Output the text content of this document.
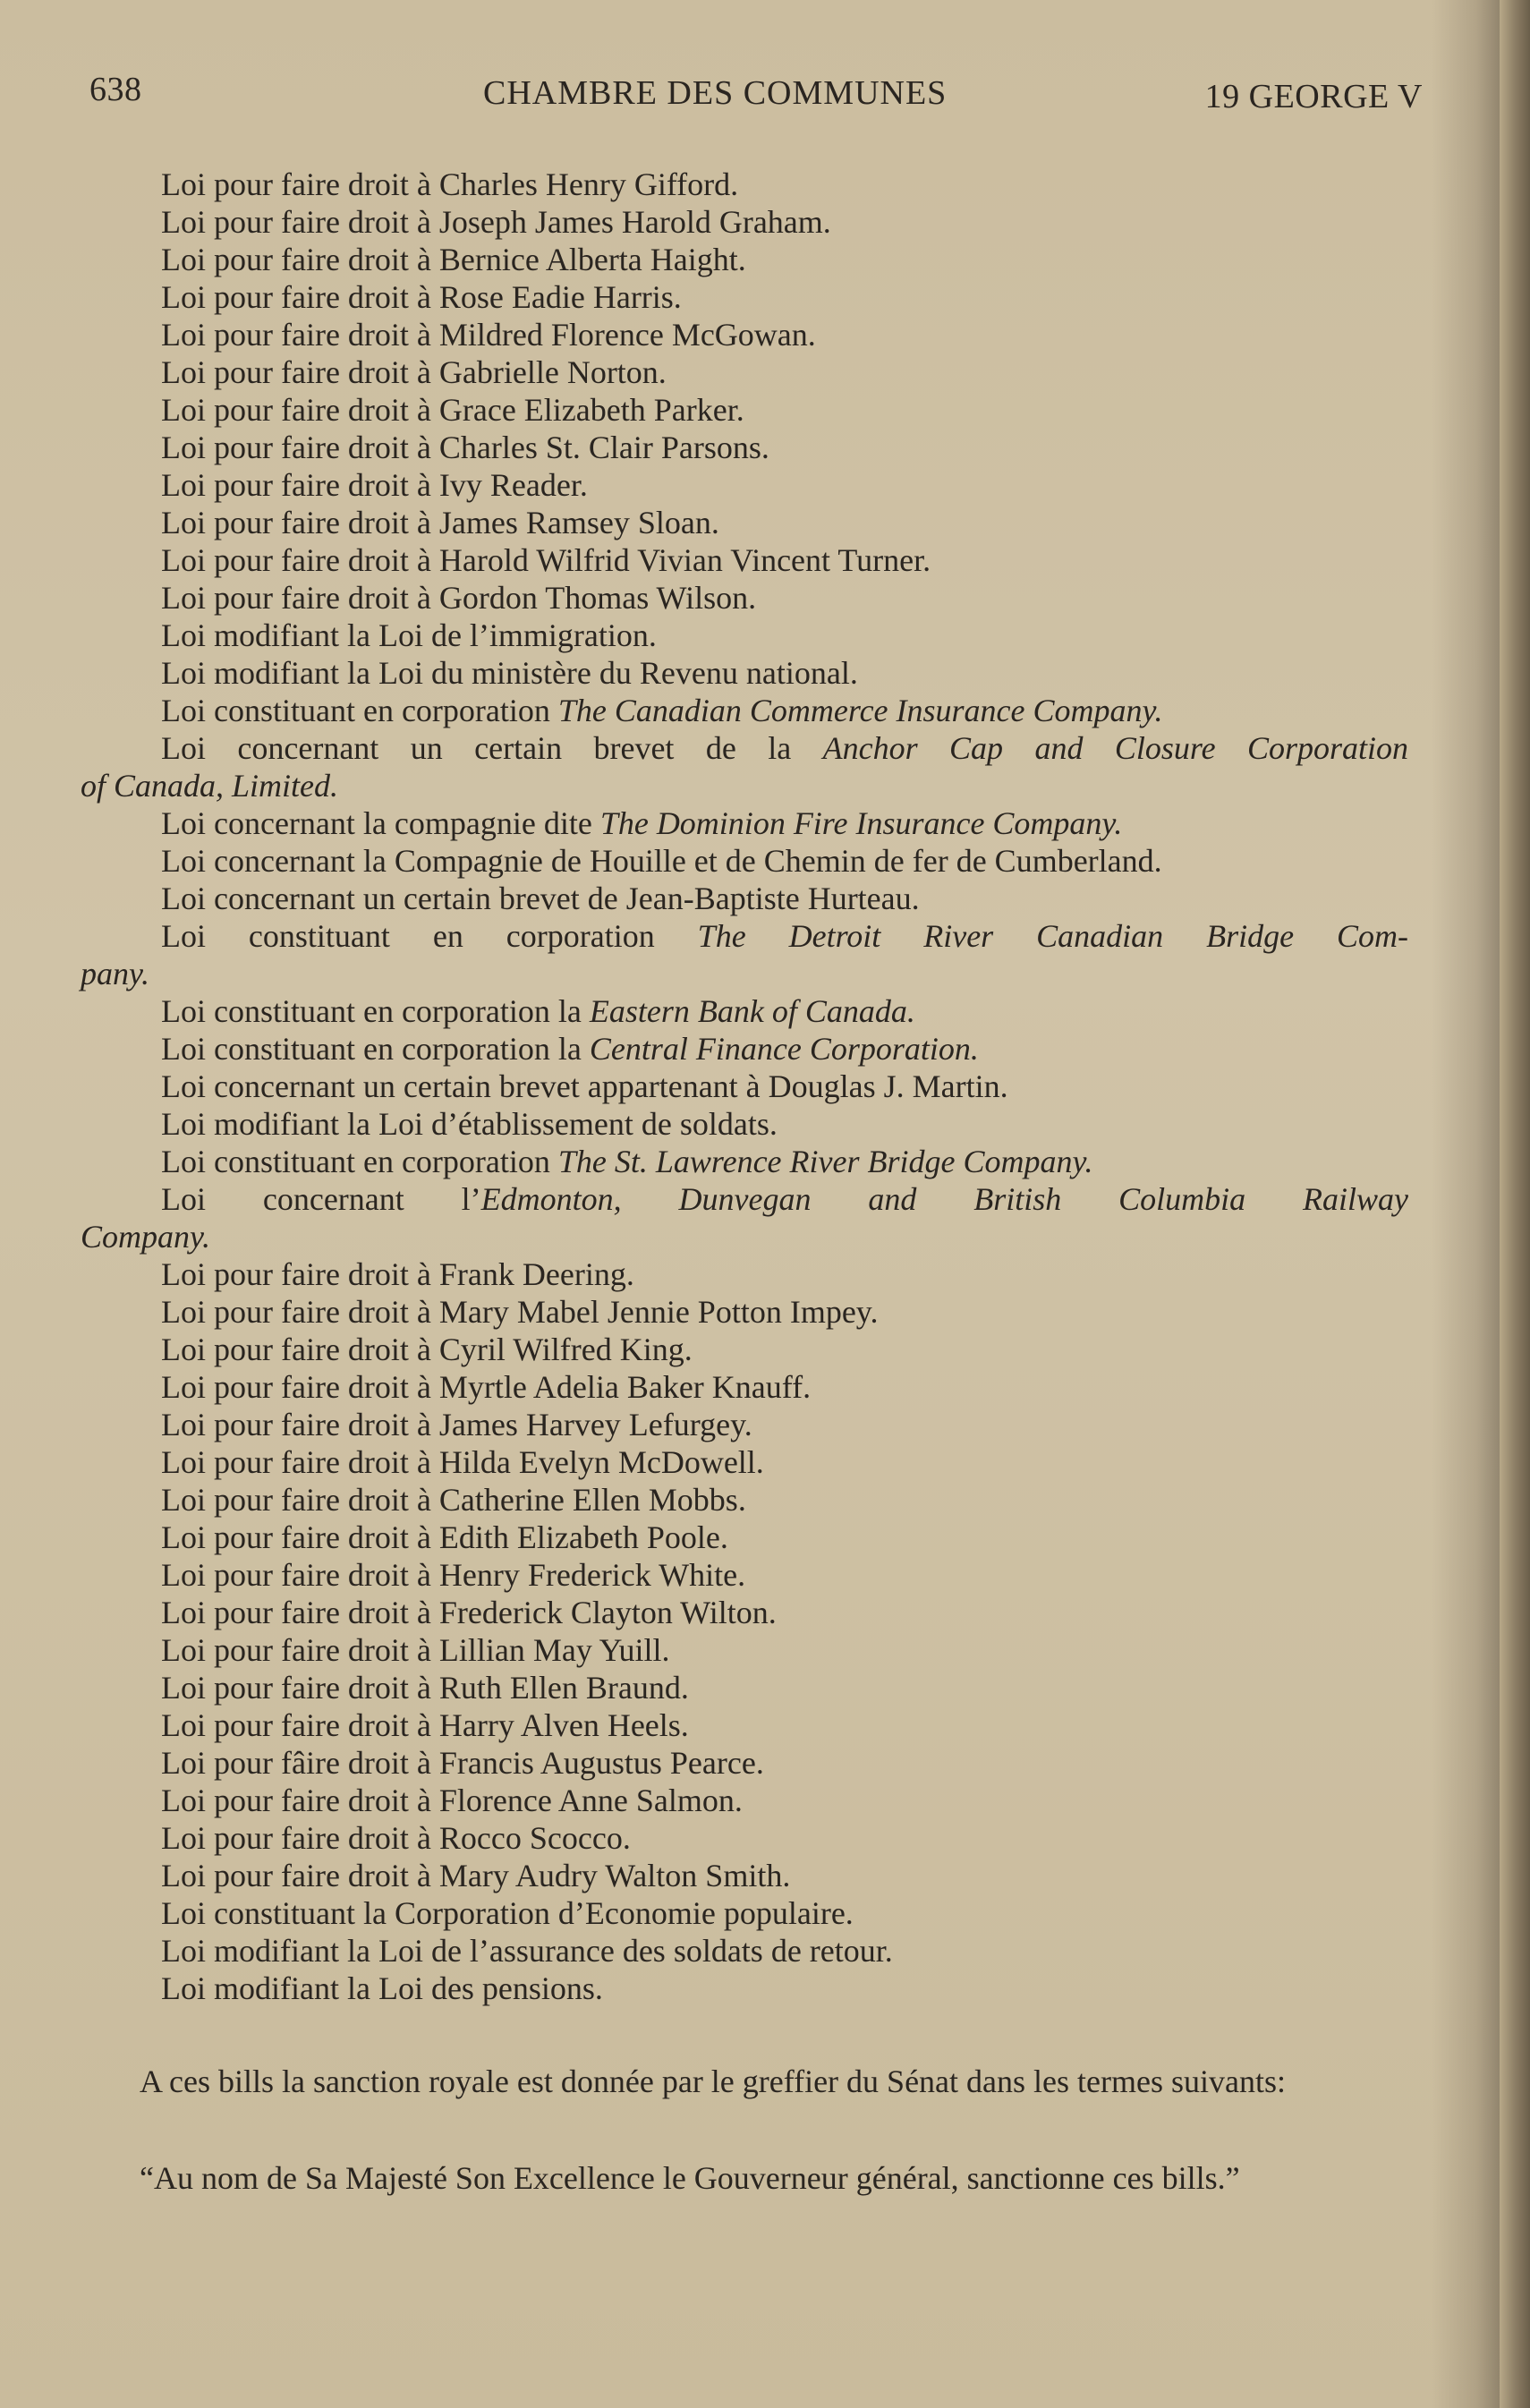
638	CHAMBRE DES COMMUNES	19 GEORGE V
Loi pour faire droit à Charles Henry Gifford.
Loi pour faire droit à Joseph James Harold Graham.
Loi pour faire droit à Bernice Alberta Haight.
Loi pour faire droit à Rose Eadie Harris.
Loi pour faire droit à Mildred Florence McGowan.
Loi pour faire droit à Gabrielle Norton.
Loi pour faire droit à Grace Elizabeth Parker.
Loi pour faire droit à Charles St. Clair Parsons.
Loi pour faire droit à Ivy Reader.
Loi pour faire droit à James Ramsey Sloan.
Loi pour faire droit à Harold Wilfrid Vivian Vincent Turner.
Loi pour faire droit à Gordon Thomas Wilson.
Loi modifiant la Loi de l’immigration.
Loi modifiant la Loi du ministère du Revenu national.
Loi constituant en corporation The Canadian Commerce Insurance Company.
Loi concernant un certain brevet de la Anchor Cap and Closure Corporation
of Canada, Limited.
Loi concernant la compagnie dite The Dominion Fire Insurance Company.
Loi concernant la Compagnie de Houille et de Chemin de fer de Cumberland.
Loi concernant un certain brevet de Jean-Baptiste Hurteau.
Loi constituant en corporation The Detroit River Canadian Bridge Com-
pany.
Loi constituant en corporation la Eastern Bank of Canada.
Loi constituant en corporation la Central Finance Corporation.
Loi concernant un certain brevet appartenant à Douglas J. Martin.
Loi modifiant la Loi d’établissement de soldats.
Loi constituant en corporation The St. Lawrence River Bridge Company.
Loi concernant l’Edmonton, Dunvegan and British Columbia Railway
Company.
Loi pour faire droit à Frank Deering.
Loi pour faire droit à Mary Mabel Jennie Potton Impey.
Loi pour faire droit à Cyril Wilfred King.
Loi pour faire droit à Myrtle Adelia Baker Knauff.
Loi pour faire droit à James Harvey Lefurgey.
Loi pour faire droit à Hilda Evelyn McDowell.
Loi pour faire droit à Catherine Ellen Mobbs.
Loi pour faire droit à Edith Elizabeth Poole.
Loi pour faire droit à Henry Frederick White.
Loi pour faire droit à Frederick Clayton Wilton.
Loi pour faire droit à Lillian May Yuill.
Loi pour faire droit à Ruth Ellen Braund.
Loi pour faire droit à Harry Alven Heels.
Loi pour fâire droit à Francis Augustus Pearce.
Loi pour faire droit à Florence Anne Salmon.
Loi pour faire droit à Rocco Scocco.
Loi pour faire droit à Mary Audry Walton Smith.
Loi constituant la Corporation d’Economie populaire.
Loi modifiant la Loi de l’assurance des soldats de retour.
Loi modifiant la Loi des pensions.
A ces bills la sanction royale est donnée par le greffier du Sénat dans les termes suivants:
“Au nom de Sa Majesté Son Excellence le Gouverneur général, sanctionne ces bills.”
